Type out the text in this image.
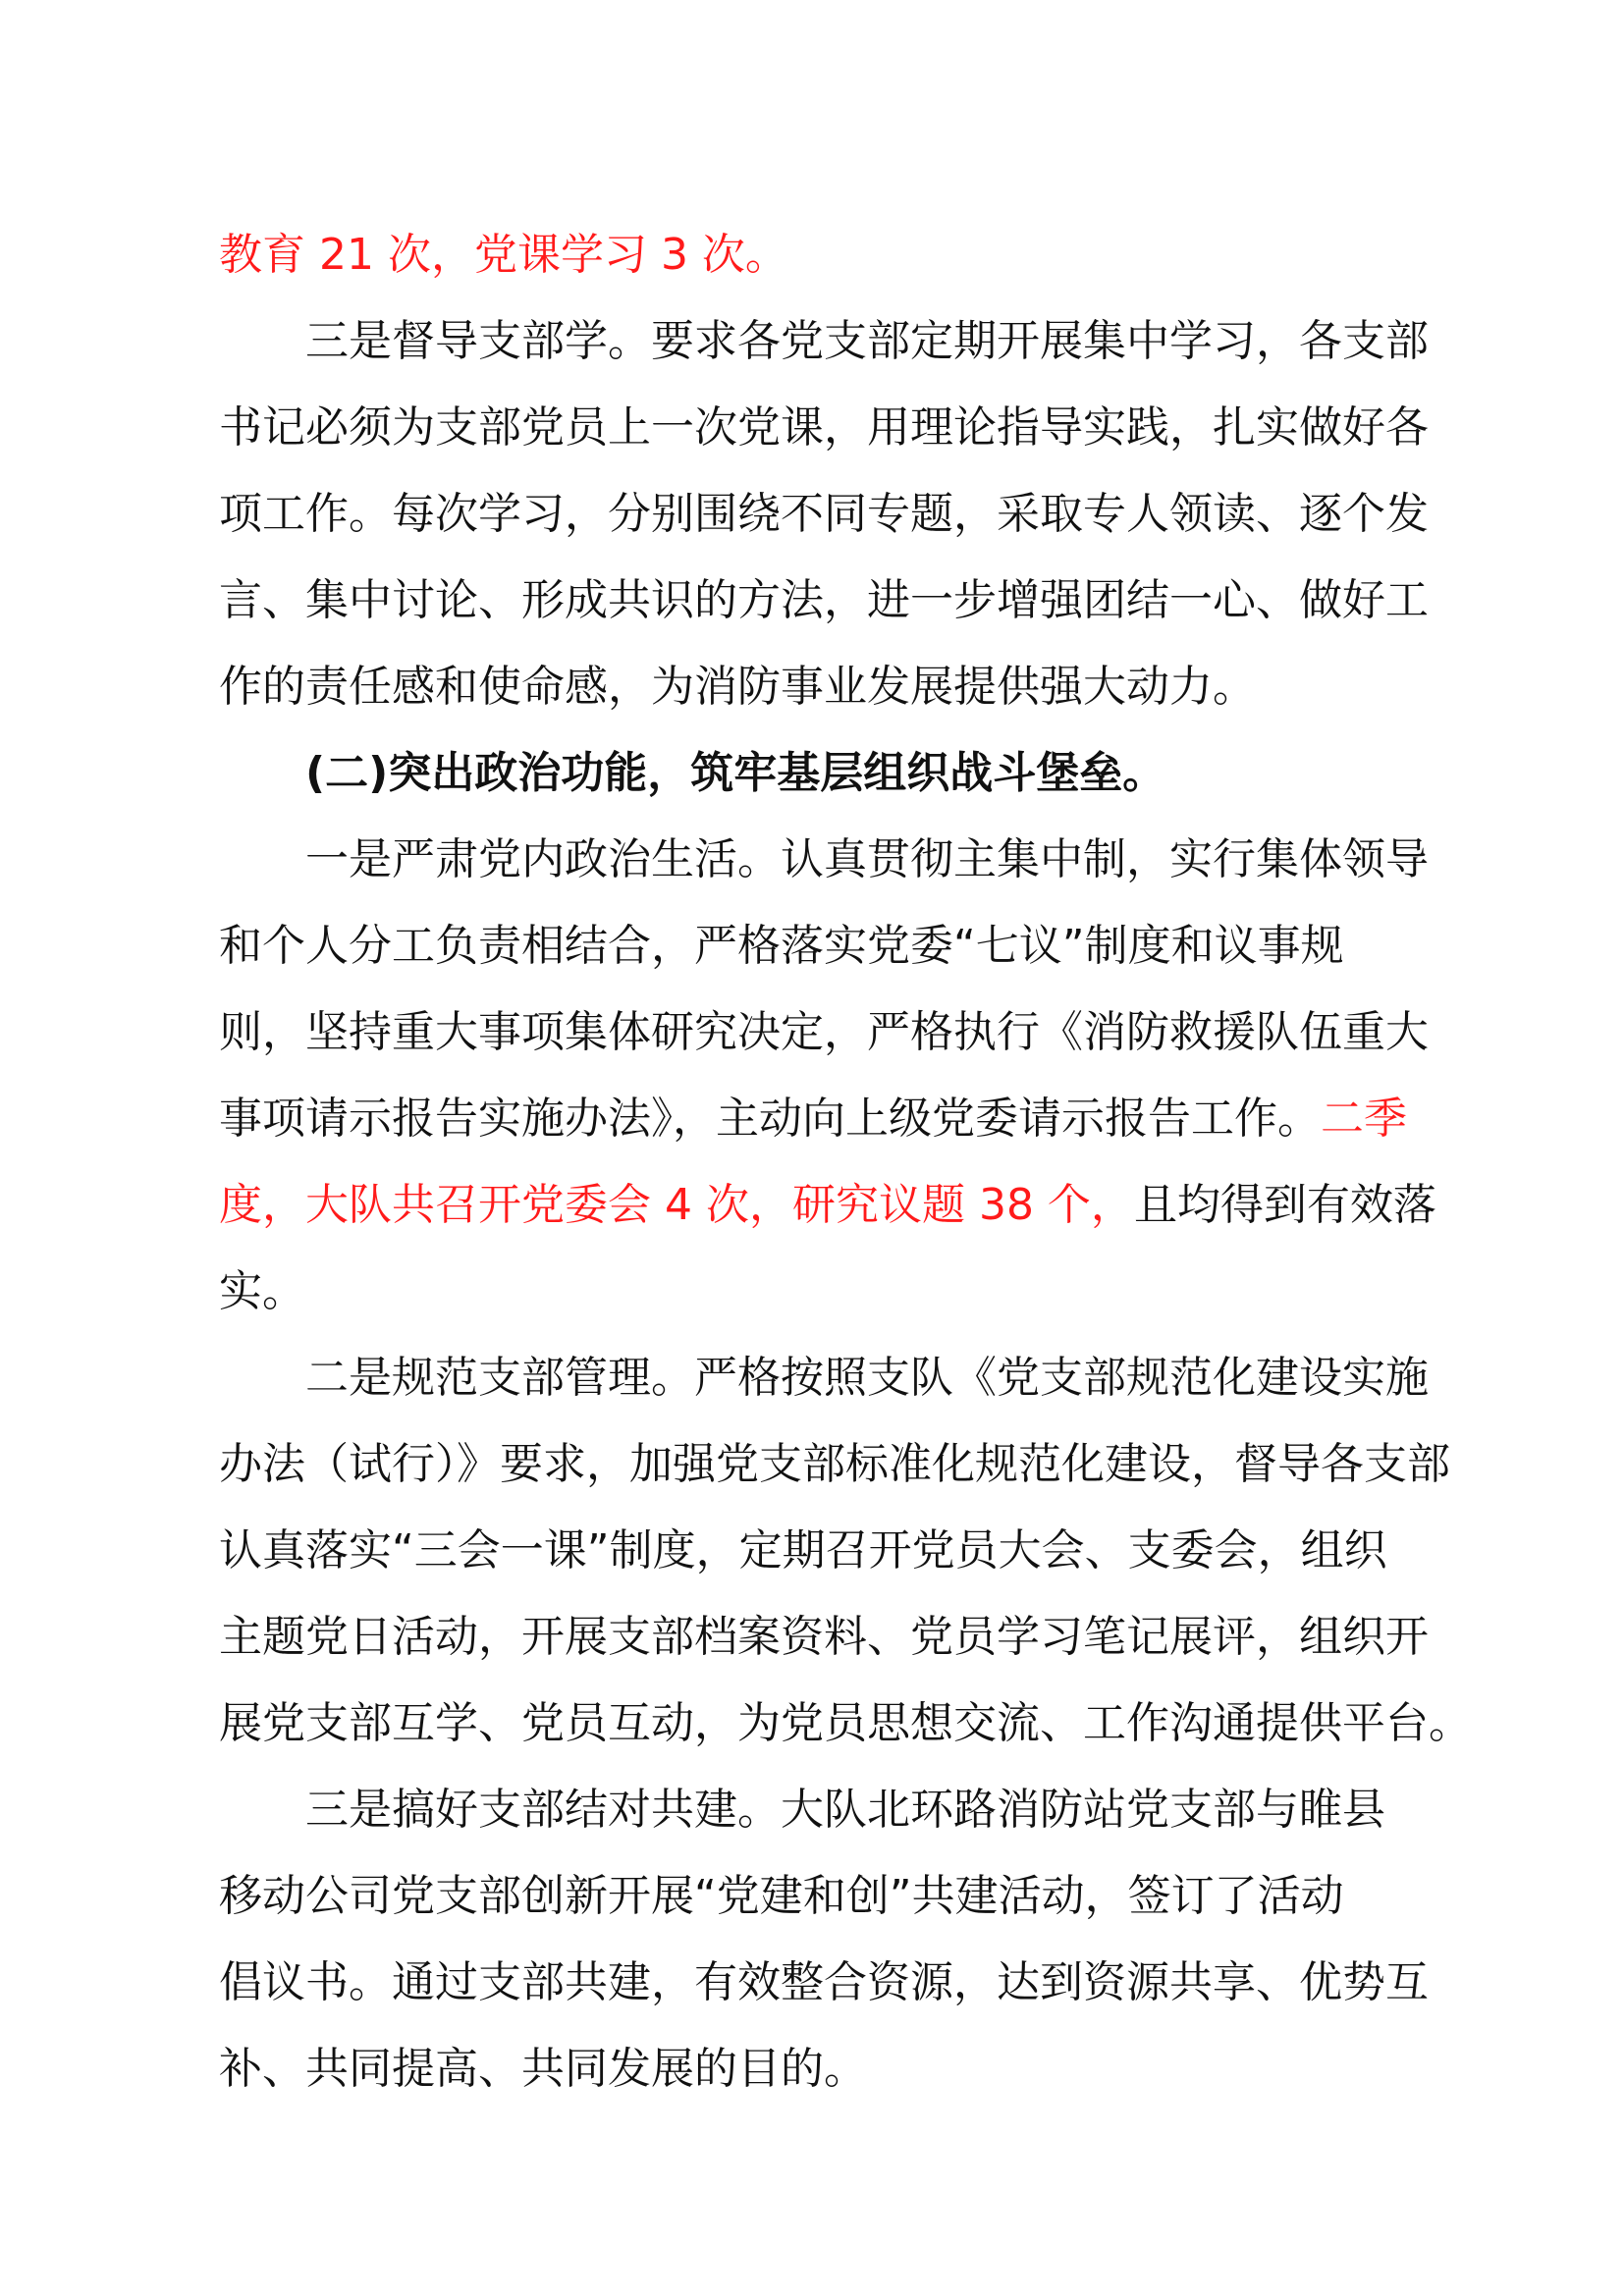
教育 21 次，党课学习 3 次。
三是督导支部学。要求各党支部定期开展集中学习，各支部
书记必须为支部党员上一次党课，用理论指导实践，扎实做好各
项工作。每次学习，分别围绕不同专题，采取专人领读、逐个发
言、集中讨论、形成共识的方法，进一步增强团结一心、做好工
作的责任感和使命感，为消防事业发展提供强大动力。
(二)突出政治功能，筑牢基层组织战斗堡垒。
一是严肃党内政治生活。认真贯彻主集中制，实行集体领导
和个人分工负责相结合，严格落实党委“七议”制度和议事规
则，坚持重大事项集体研究决定，严格执行《消防救援队伍重大
事项请示报告实施办法》，主动向上级党委请示报告工作。二季
度，大队共召开党委会 4 次，研究议题 38 个，且均得到有效落
实。
二是规范支部管理。严格按照支队《党支部规范化建设实施
办法（试行）》要求，加强党支部标准化规范化建设，督导各支部
认真落实“三会一课”制度，定期召开党员大会、支委会，组织
主题党日活动，开展支部档案资料、党员学习笔记展评，组织开
展党支部互学、党员互动，为党员思想交流、工作沟通提供平台。
三是搞好支部结对共建。大队北环路消防站党支部与睢县
移动公司党支部创新开展“党建和创”共建活动，签订了活动
倡议书。通过支部共建，有效整合资源，达到资源共享、优势互
补、共同提高、共同发展的目的。
